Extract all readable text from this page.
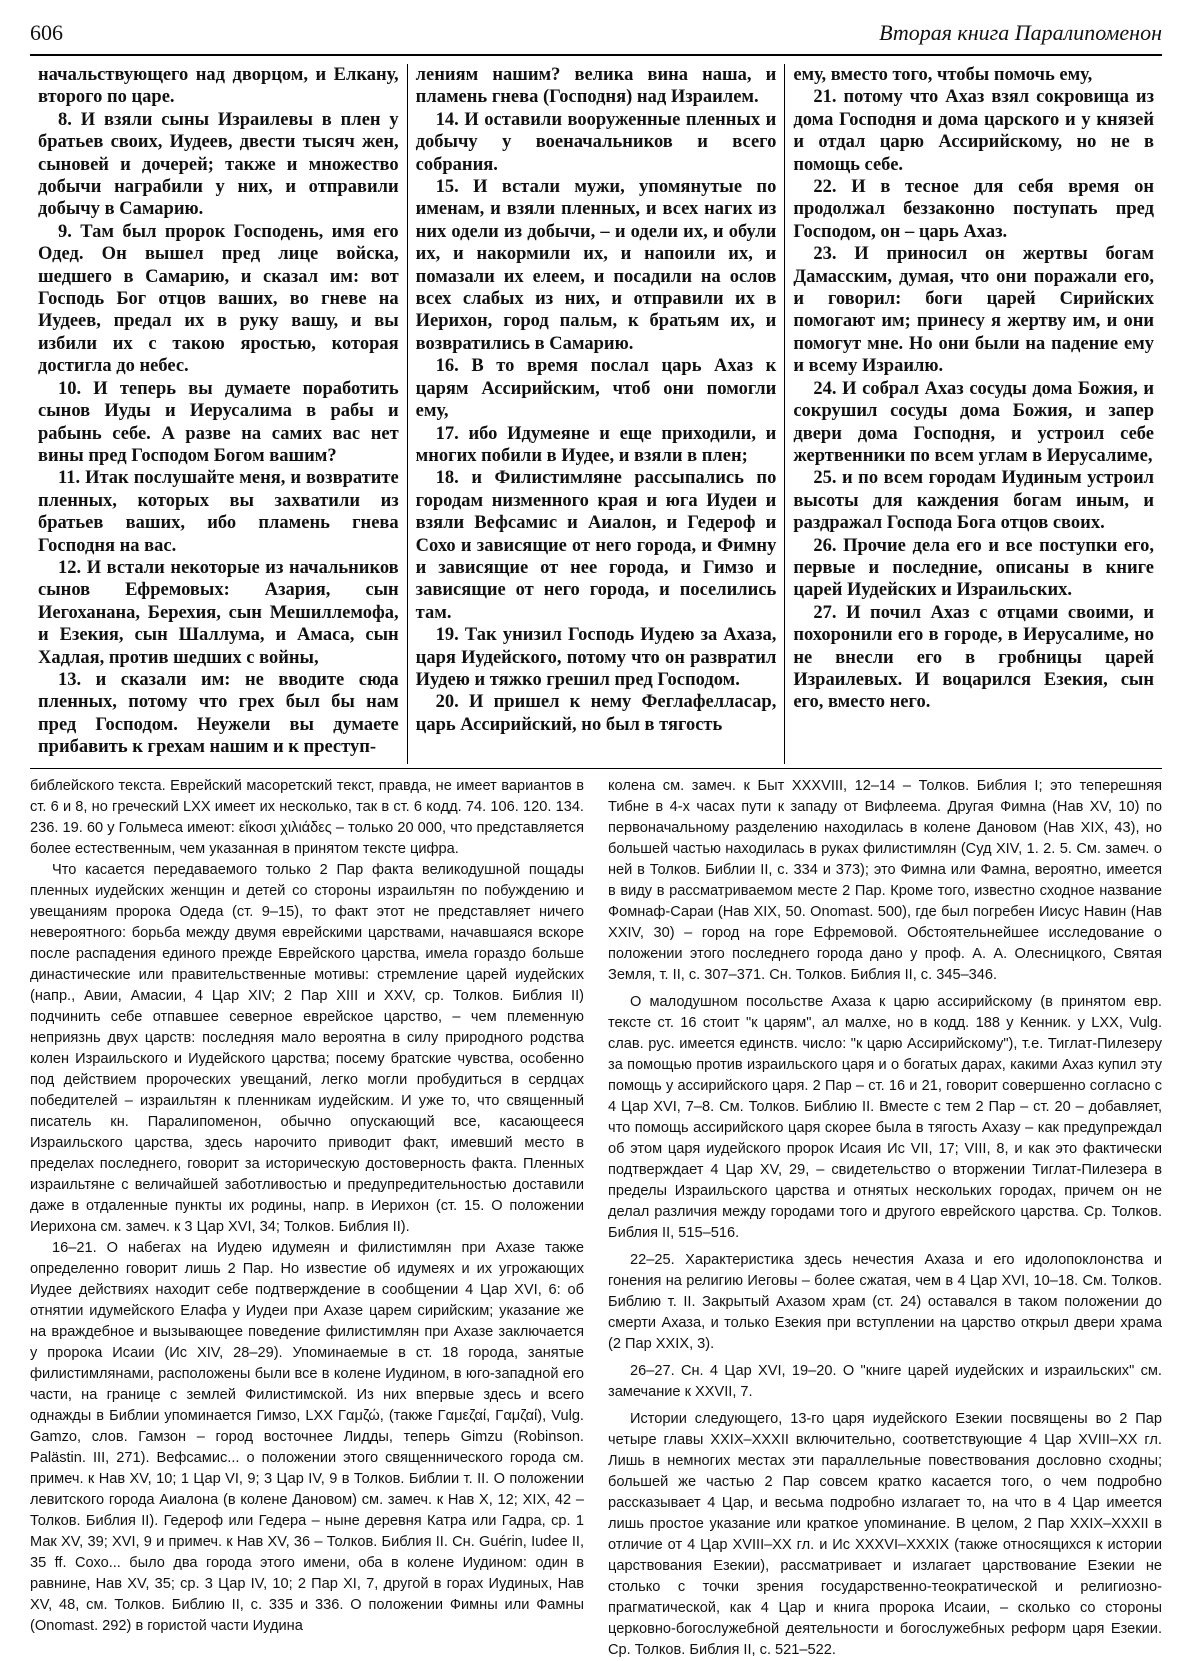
606	Вторая книга Паралипоменон

начальствующего над дворцом, и Елкану, второго по царе.

8. И взяли сыны Израилевы в плен у братьев своих, Иудеев, двести тысяч жен, сыновей и дочерей; также и множество добычи награбили у них, и отправили добычу в Самарию.

9. Там был пророк Господень, имя его Одед. Он вышел пред лице войска, шедшего в Самарию, и сказал им: вот Господь Бог отцов ваших, во гневе на Иудеев, предал их в руку вашу, и вы избили их с такою яростью, которая достигла до небес.

10. И теперь вы думаете поработить сынов Иуды и Иерусалима в рабы и рабынь себе. А разве на самих вас нет вины пред Господом Богом вашим?

11. Итак послушайте меня, и возвратите пленных, которых вы захватили из братьев ваших, ибо пламень гнева Господня на вас.

12. И встали некоторые из начальников сынов Ефремовых: Азария, сын Иегоханана, Берехия, сын Мешиллемофа, и Езекия, сын Шаллума, и Амаса, сын Хадлая, против шедших с войны,

13. и сказали им: не вводите сюда пленных, потому что грех был бы нам пред Господом. Неужели вы думаете прибавить к грехам нашим и к преступ-

лениям нашим? велика вина наша, и пламень гнева (Господня) над Израилем.

14. И оставили вооруженные пленных и добычу у военачальников и всего собрания.

15. И встали мужи, упомянутые по именам, и взяли пленных, и всех нагих из них одели из добычи, – и одели их, и обули их, и накормили их, и напоили их, и помазали их елеем, и посадили на ослов всех слабых из них, и отправили их в Иерихон, город пальм, к братьям их, и возвратились в Самарию.

16. В то время послал царь Ахаз к царям Ассирийским, чтоб они помогли ему,

17. ибо Идумеяне и еще приходили, и многих побили в Иудее, и взяли в плен;

18. и Филистимляне рассыпались по городам низменного края и юга Иудеи и взяли Вефсамис и Аиалон, и Гедероф и Сохо и зависящие от него города, и Фимну и зависящие от нее города, и Гимзо и зависящие от него города, и поселились там.

19. Так унизил Господь Иудею за Ахаза, царя Иудейского, потому что он развратил Иудею и тяжко грешил пред Господом.

20. И пришел к нему Феглафелласар, царь Ассирийский, но был в тягость

ему, вместо того, чтобы помочь ему,

21. потому что Ахаз взял сокровища из дома Господня и дома царского и у князей и отдал царю Ассирийскому, но не в помощь себе.

22. И в тесное для себя время он продолжал беззаконно поступать пред Господом, он – царь Ахаз.

23. И приносил он жертвы богам Дамасским, думая, что они поражали его, и говорил: боги царей Сирийских помогают им; принесу я жертву им, и они помогут мне. Но они были на падение ему и всему Израилю.

24. И собрал Ахаз сосуды дома Божия, и сокрушил сосуды дома Божия, и запер двери дома Господня, и устроил себе жертвенники по всем углам в Иерусалиме,

25. и по всем городам Иудиным устроил высоты для каждения богам иным, и раздражал Господа Бога отцов своих.

26. Прочие дела его и все поступки его, первые и последние, описаны в книге царей Иудейских и Израильских.

27. И почил Ахаз с отцами своими, и похоронили его в городе, в Иерусалиме, но не внесли его в гробницы царей Израилевых. И воцарился Езекия, сын его, вместо него.

библейского текста. Еврейский масоретский текст, правда, не имеет вариантов в ст. 6 и 8, но греческий LXX имеет их несколько, так в ст. 6 кодд. 74. 106. 120. 134. 236. 19. 60 у Гольмеса имеют: εἴκοσι χιλιάδες – только 20 000, что представляется более естественным, чем указанная в принятом тексте цифра.

Что касается передаваемого только 2 Пар факта великодушной пощады пленных иудейских женщин и детей со стороны израильтян по побуждению и увещаниям пророка Одеда (ст. 9–15), то факт этот не представляет ничего невероятного: борьба между двумя еврейскими царствами, начавшаяся вскоре после распадения единого прежде Еврейского царства, имела гораздо больше династические или правительственные мотивы: стремление царей иудейских (напр., Авии, Амасии, 4 Цар XIV; 2 Пар XIII и XXV, ср. Толков. Библия II) подчинить себе отпавшее северное еврейское царство, – чем племенную неприязнь двух царств: последняя мало вероятна в силу природного родства колен Израильского и Иудейского царства; посему братские чувства, особенно под действием пророческих увещаний, легко могли пробудиться в сердцах победителей – израильтян к пленникам иудейским. И уже то, что священный писатель кн. Паралипоменон, обычно опускающий все, касающееся Израильского царства, здесь нарочито приводит факт, имевший место в пределах последнего, говорит за историческую достоверность факта. Пленных израильтяне с величайшей заботливостью и предупредительностью доставили даже в отдаленные пункты их родины, напр. в Иерихон (ст. 15. О положении Иерихона см. замеч. к 3 Цар XVI, 34; Толков. Библия II).

16–21. О набегах на Иудею идумеян и филистимлян при Ахазе также определенно говорит лишь 2 Пар. Но известие об идумеях и их угрожающих Иудее действиях находит себе подтверждение в сообщении 4 Цар XVI, 6: об отнятии идумейского Елафа у Иудеи при Ахазе царем сирийским; указание же на враждебное и вызывающее поведение филистимлян при Ахазе заключается у пророка Исаии (Ис XIV, 28–29). Упоминаемые в ст. 18 города, занятые филистимлянами, расположены были все в колене Иудином, в юго-западной его части, на границе с землей Филистимской. Из них впервые здесь и всего однажды в Библии упоминается Гимзо, LXX Γαμζώ, (также Γαμεζαί, Γαμζαί), Vulg. Gamzo, слов. Гамзон – город восточнее Лидды, теперь Gimzu (Robinson. Palästin. III, 271). Вефсамис... о положении этого священнического города см. примеч. к Нав XV, 10; 1 Цар VI, 9; 3 Цар IV, 9 в Толков. Библии т. II. О положении левитского города Аиалона (в колене Дановом) см. замеч. к Нав X, 12; XIX, 42 – Толков. Библия II). Гедероф или Гедера – ныне деревня Катра или Гадра, ср. 1 Мак XV, 39; XVI, 9 и примеч. к Нав XV, 36 – Толков. Библия II. Сн. Guérin, Iudee II, 35 ff. Сохо... было два города этого имени, оба в колене Иудином: один в равнине, Нав XV, 35; ср. 3 Цар IV, 10; 2 Пар XI, 7, другой в горах Иудиных, Нав XV, 48, см. Толков. Библию II, с. 335 и 336. О положении Фимны или Фамны (Onomast. 292) в гористой части Иудина

колена см. замеч. к Быт XXXVIII, 12–14 – Толков. Библия I; это теперешняя Тибне в 4-х часах пути к западу от Вифлеема. Другая Фимна (Нав XV, 10) по первоначальному разделению находилась в колене Дановом (Нав XIX, 43), но большей частью находилась в руках филистимлян (Суд XIV, 1. 2. 5. См. замеч. о ней в Толков. Библии II, с. 334 и 373); это Фимна или Фамна, вероятно, имеется в виду в рассматриваемом месте 2 Пар. Кроме того, известно сходное название Фомнаф-Сараи (Нав XIX, 50. Onomast. 500), где был погребен Иисус Навин (Нав XXIV, 30) – город на горе Ефремовой. Обстоятельнейшее исследование о положении этого последнего города дано у проф. А. А. Олесницкого, Святая Земля, т. II, с. 307–371. Сн. Толков. Библия II, с. 345–346.

О малодушном посольстве Ахаза к царю ассирийскому (в принятом евр. тексте ст. 16 стоит "к царям", ал малхе, но в кодд. 188 у Кенник. у LXX, Vulg. слав. рус. имеется единств. число: "к царю Ассирийскому"), т.е. Тиглат-Пилезеру за помощью против израильского царя и о богатых дарах, какими Ахаз купил эту помощь у ассирийского царя. 2 Пар – ст. 16 и 21, говорит совершенно согласно с 4 Цар XVI, 7–8. См. Толков. Библию II. Вместе с тем 2 Пар – ст. 20 – добавляет, что помощь ассирийского царя скорее была в тягость Ахазу – как предупреждал об этом царя иудейского пророк Исаия Ис VII, 17; VIII, 8, и как это фактически подтверждает 4 Цар XV, 29, – свидетельство о вторжении Тиглат-Пилезера в пределы Израильского царства и отнятых нескольких городах, причем он не делал различия между городами того и другого еврейского царства. Ср. Толков. Библия II, 515–516.

22–25. Характеристика здесь нечестия Ахаза и его идолопоклонства и гонения на религию Иеговы – более сжатая, чем в 4 Цар XVI, 10–18. См. Толков. Библию т. II. Закрытый Ахазом храм (ст. 24) оставался в таком положении до смерти Ахаза, и только Езекия при вступлении на царство открыл двери храма (2 Пар XXIX, 3).

26–27. Сн. 4 Цар XVI, 19–20. О "книге царей иудейских и израильских" см. замечание к XXVII, 7.

Истории следующего, 13-го царя иудейского Езекии посвящены во 2 Пар четыре главы XXIX–XXXII включительно, соответствующие 4 Цар XVIII–XX гл. Лишь в немногих местах эти параллельные повествования дословно сходны; большей же частью 2 Пар совсем кратко касается того, о чем подробно рассказывает 4 Цар, и весьма подробно излагает то, на что в 4 Цар имеется лишь простое указание или краткое упоминание. В целом, 2 Пар XXIX–XXXII в отличие от 4 Цар XVIII–XX гл. и Ис XXXVI–XXXIX (также относящихся к истории царствования Езекии), рассматривает и излагает царствование Езекии не столько с точки зрения государственно-теократической и религиозно-прагматической, как 4 Цар и книга пророка Исаии, – сколько со стороны церковно-богослужебной деятельности и богослужебных реформ царя Езекии. Ср. Толков. Библия II, с. 521–522.
